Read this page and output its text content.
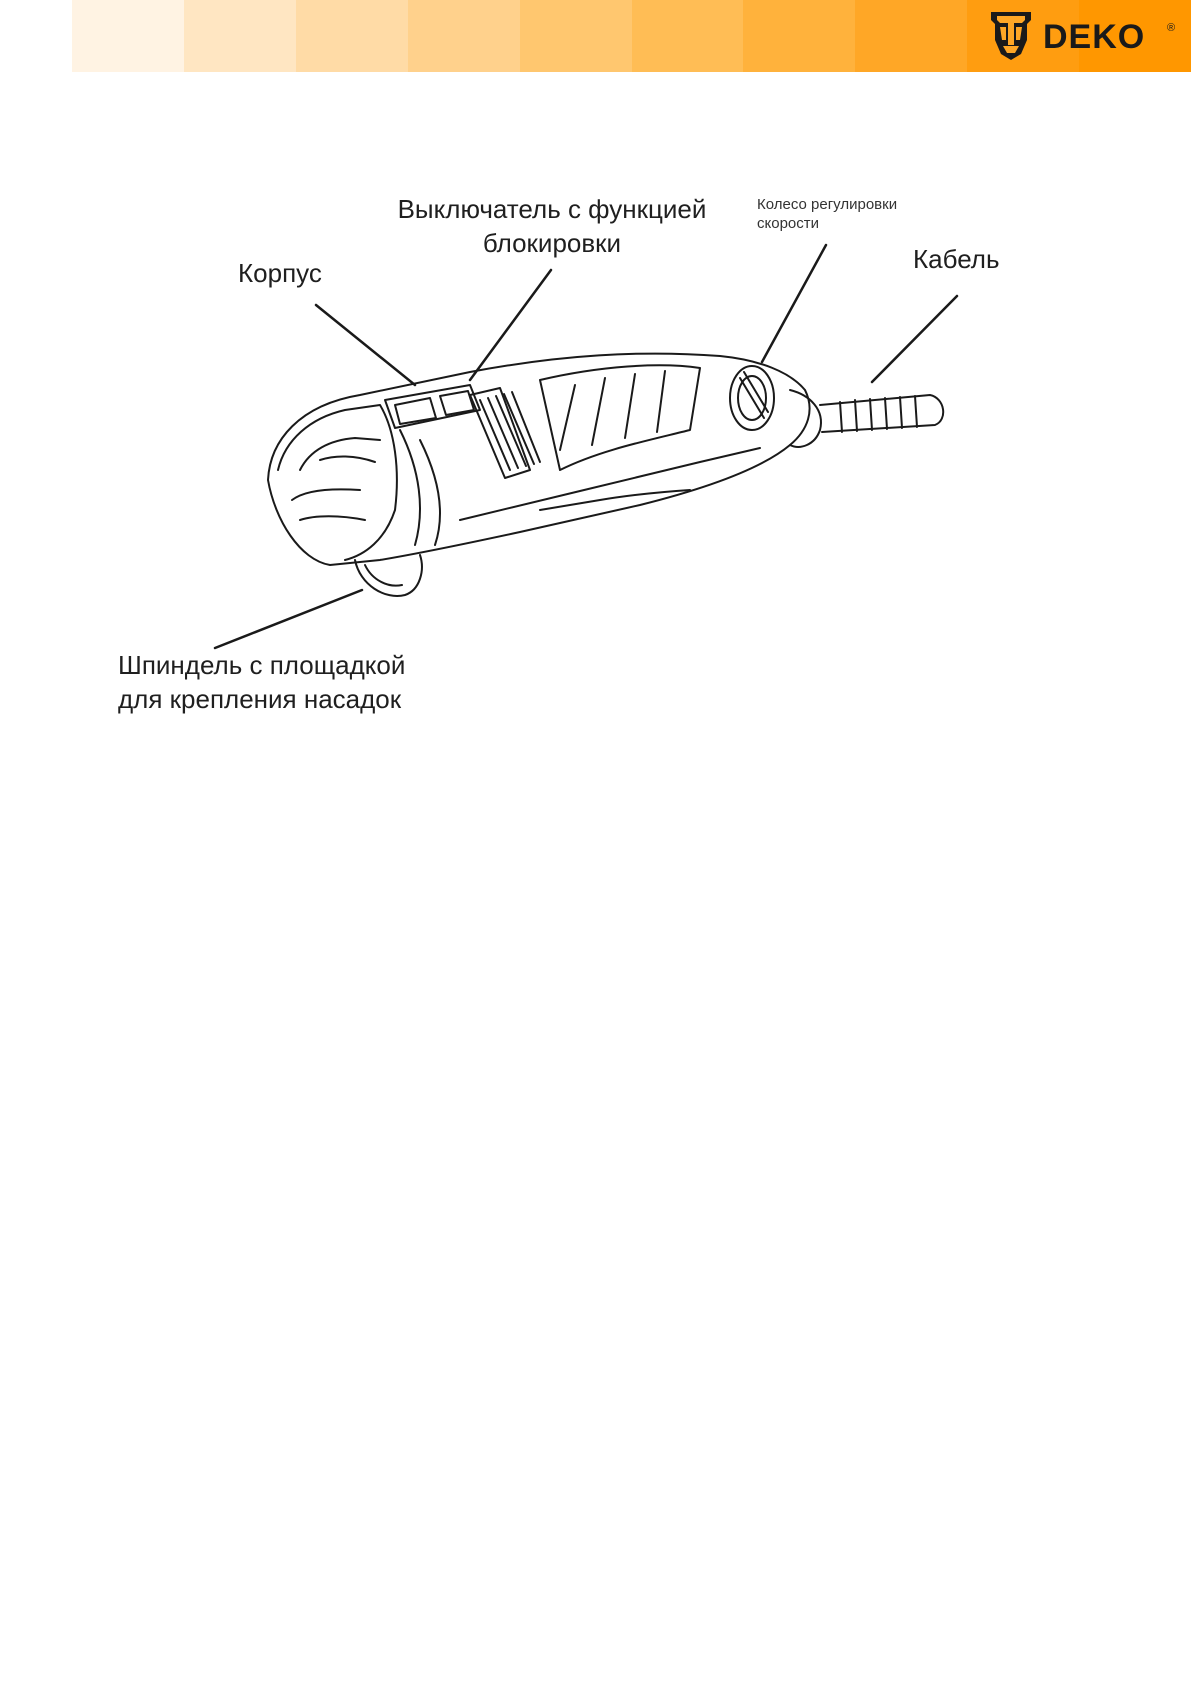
DEKO ®
Корпус
Выключатель с функцией
блокировки
Колесо регулировки
скорости
Кабель
Шпиндель с площадкой
для крепления насадок
